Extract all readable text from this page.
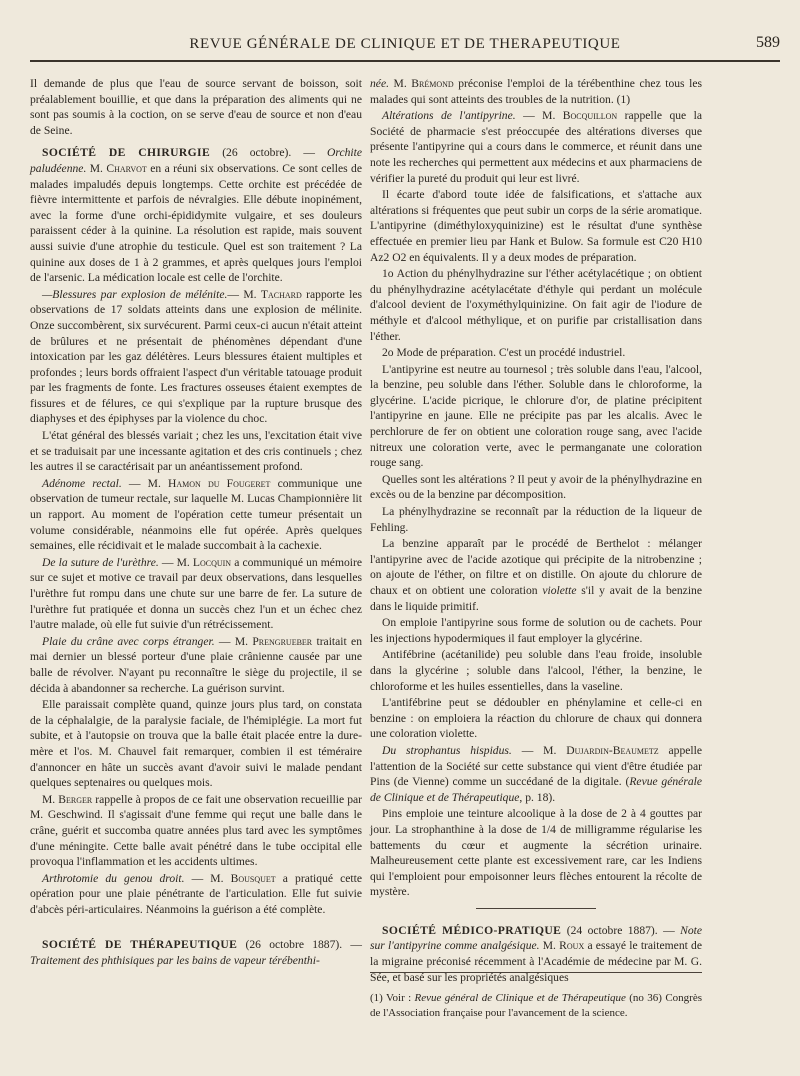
REVUE GÉNÉRALE DE CLINIQUE ET DE THERAPEUTIQUE	589

Il demande de plus que l'eau de source servant de boisson, soit préalablement bouillie, et que dans la préparation des aliments qui ne sont pas soumis à la coction, on se serve d'eau de source et non d'eau de Seine.

SOCIÉTÉ DE CHIRURGIE (26 octobre). — Orchite paludéenne. M. Charvot en a réuni six observations. Ce sont celles de malades impaludés depuis longtemps. Cette orchite est précédée de fièvre intermittente et parfois de névralgies. Elle débute inopinément, avec la forme d'une orchi-épididymite vulgaire, et ses douleurs paraissent céder à la quinine. La résolution est rapide, mais souvent aussi suivie d'une atrophie du testicule. Quel est son traitement ? La quinine aux doses de 1 à 2 grammes, et après quelques jours l'emploi de l'arsenic. La médication locale est celle de l'orchite.

—Blessures par explosion de mélénite.— M. Tachard rapporte les observations de 17 soldats atteints dans une explosion de mélinite. Onze succombèrent, six survécurent. Parmi ceux-ci aucun n'était atteint de brûlures et ne présentait de phénomènes dépendant d'une intoxication par les gaz délétères. Leurs blessures étaient multiples et profondes ; leurs bords offraient l'aspect d'un véritable tatouage produit par les fragments de fonte. Les fractures osseuses étaient exemptes de fissures et de félures, ce qui s'explique par la rupture brusque des diaphyses et des épiphyses par la violence du choc.

L'état général des blessés variait ; chez les uns, l'excitation était vive et se traduisait par une incessante agitation et des cris continuels ; chez les autres il se caractérisait par un anéantissement profond.

Adénome rectal. — M. Hamon du Fougeret communique une observation de tumeur rectale, sur laquelle M. Lucas Championnière lit un rapport. Au moment de l'opération cette tumeur présentait un volume considérable, néanmoins elle fut opérée. Après quelques semaines, elle récidivait et le malade succombait à la cachexie.

De la suture de l'urèthre. — M. Locquin a communiqué un mémoire sur ce sujet et motive ce travail par deux observations, dans lesquelles l'urèthre fut rompu dans une chute sur une barre de fer. La suture de l'urèthre fut pratiquée et donna un succès chez l'un et un échec chez l'autre malade, où elle fut suivie d'un rétrécissement.

Plaie du crâne avec corps étranger. — M. Prengrueber traitait en mai dernier un blessé porteur d'une plaie crânienne causée par une balle de révolver. N'ayant pu reconnaître le siège du projectile, il se décida à abandonner sa recherche. La guérison survint.

Elle paraissait complète quand, quinze jours plus tard, on constata de la céphalalgie, de la paralysie faciale, de l'hémiplégie. La mort fut subite, et à l'autopsie on trouva que la balle était placée entre la dure-mère et l'os. M. Chauvel fait remarquer, combien il est téméraire d'annoncer en hâte un succès avant d'avoir suivi le malade pendant quelques septenaires ou quelques mois.

M. Berger rappelle à propos de ce fait une observation recueillie par M. Geschwind. Il s'agissait d'une femme qui reçut une balle dans le crâne, guérit et succomba quatre années plus tard avec les symptômes d'une méningite. Cette balle avait pénétré dans le tube occipital elle provoqua l'inflammation et les accidents ultimes.

Arthrotomie du genou droit. — M. Bousquet a pratiqué cette opération pour une plaie pénétrante de l'articulation. Elle fut suivie d'abcès péri-articulaires. Néanmoins la guérison a été complète.

SOCIÉTÉ DE THÉRAPEUTIQUE (26 octobre 1887). — Traitement des phthisiques par les bains de vapeur térébenthi-

née. M. Brémond préconise l'emploi de la térébenthine chez tous les malades qui sont atteints des troubles de la nutrition. (1)

Altérations de l'antipyrine. — M. Bocquillon rappelle que la Société de pharmacie s'est préoccupée des altérations diverses que présente l'antipyrine qui a cours dans le commerce, et réunit dans une note les recherches qui permettent aux médecins et aux pharmaciens de vérifier la pureté du produit qui leur est livré.

Il écarte d'abord toute idée de falsifications, et s'attache aux altérations si fréquentes que peut subir un corps de la série aromatique. L'antipyrine (diméthyloxyquinizine) est le résultat d'une synthèse effectuée en premier lieu par Hank et Bulow. Sa formule est C20 H10 Az2 O2 en équivalents. Il y a deux modes de préparation.

1o Action du phénylhydrazine sur l'éther acétylacétique ; on obtient du phénylhydrazine acétylacétate d'éthyle qui perdant un molécule d'alcool devient de l'oxyméthylquinizine. On fait agir de l'iodure de méthyle et d'alcool méthylique, et on purifie par cristallisation dans l'éther.

2o Mode de préparation. C'est un procédé industriel.

L'antipyrine est neutre au tournesol ; très soluble dans l'eau, l'alcool, la benzine, peu soluble dans l'éther. Soluble dans le chloroforme, la glycérine. L'acide picrique, le chlorure d'or, de platine précipitent l'antipyrine en jaune. Elle ne précipite pas par les alcalis. Avec le perchlorure de fer on obtient une coloration rouge sang, avec l'acide nitreux une coloration verte, avec le permanganate une coloration rouge sang.

Quelles sont les altérations ? Il peut y avoir de la phénylhydrazine en excès ou de la benzine par décomposition.

La phénylhydrazine se reconnaît par la réduction de la liqueur de Fehling.

La benzine apparaît par le procédé de Berthelot : mélanger l'antipyrine avec de l'acide azotique qui précipite de la nitrobenzine ; on ajoute de l'éther, on filtre et on distille. On ajoute du chlorure de chaux et on obtient une coloration violette s'il y avait de la benzine dans le liquide primitif.

On emploie l'antipyrine sous forme de solution ou de cachets. Pour les injections hypodermiques il faut employer la glycérine.

Antifébrine (acétanilide) peu soluble dans l'eau froide, insoluble dans la glycérine ; soluble dans l'alcool, l'éther, la benzine, le chloroforme et les huiles essentielles, dans la vaseline.

L'antifébrine peut se dédoubler en phénylamine et celle-ci en benzine : on emploiera la réaction du chlorure de chaux qui donnera une coloration violette.

Du strophantus hispidus. — M. Dujardin-Beaumetz appelle l'attention de la Société sur cette substance qui vient d'être étudiée par Pins (de Vienne) comme un succédané de la digitale. (Revue générale de Clinique et de Thérapeutique, p. 18).

Pins emploie une teinture alcoolique à la dose de 2 à 4 gouttes par jour. La strophanthine à la dose de 1/4 de milligramme régularise les battements du cœur et augmente la sécrétion urinaire. Malheureusement cette plante est excessivement rare, car les Indiens qui l'emploient pour empoisonner leurs flèches entourent la récolte de mystère.

SOCIÉTÉ MÉDICO-PRATIQUE (24 octobre 1887). — Note sur l'antipyrine comme analgésique. M. Roux a essayé le traitement de la migraine préconisé récemment à l'Académie de médecine par M. G. Sée, et basé sur les propriétés analgésiques

(1) Voir : Revue général de Clinique et de Thérapeutique (no 36) Congrès de l'Association française pour l'avancement de la science.
